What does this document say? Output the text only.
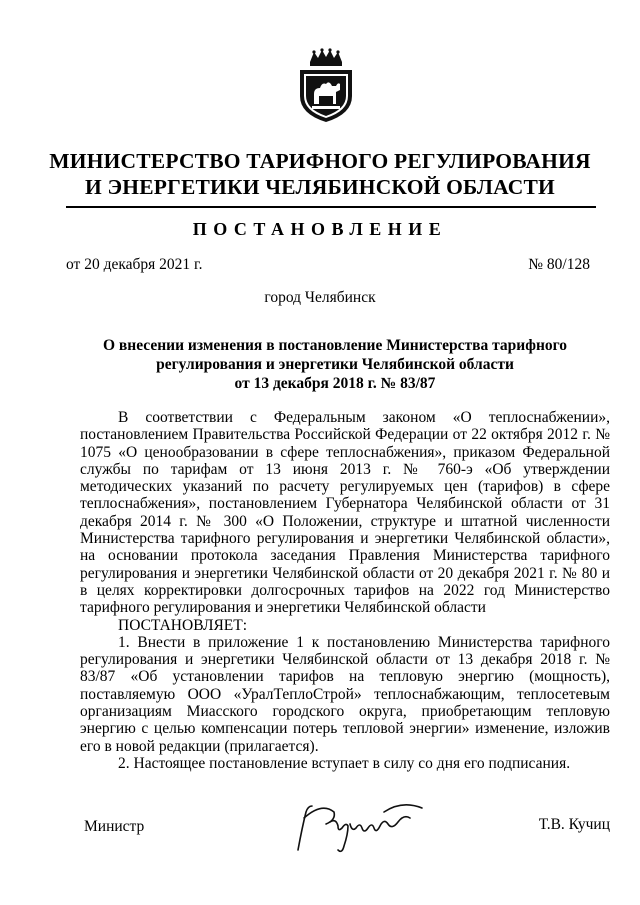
МИНИСТЕРСТВО ТАРИФНОГО РЕГУЛИРОВАНИЯ
И ЭНЕРГЕТИКИ ЧЕЛЯБИНСКОЙ ОБЛАСТИ
ПОСТАНОВЛЕНИЕ
от 20 декабря 2021 г.	№ 80/128
город Челябинск
О внесении изменения в постановление Министерства тарифного
регулирования и энергетики Челябинской области
от 13 декабря 2018 г. № 83/87

В соответствии с Федеральным законом «О теплоснабжении», постановлением Правительства Российской Федерации от 22 октября 2012 г. № 1075 «О ценообразовании в сфере теплоснабжения», приказом Федеральной службы по тарифам от 13 июня 2013 г. № 760-э «Об утверждении методических указаний по расчету регулируемых цен (тарифов) в сфере теплоснабжения», постановлением Губернатора Челябинской области от 31 декабря 2014 г. № 300 «О Положении, структуре и штатной численности Министерства тарифного регулирования и энергетики Челябинской области», на основании протокола заседания Правления Министерства тарифного регулирования и энергетики Челябинской области от 20 декабря 2021 г. № 80 и в целях корректировки долгосрочных тарифов на 2022 год Министерство тарифного регулирования и энергетики Челябинской области

ПОСТАНОВЛЯЕТ:

1. Внести в приложение 1 к постановлению Министерства тарифного регулирования и энергетики Челябинской области от 13 декабря 2018 г. № 83/87 «Об установлении тарифов на тепловую энергию (мощность), поставляемую ООО «УралТеплоСтрой» теплоснабжающим, теплосетевым организациям Миасского городского округа, приобретающим тепловую энергию с целью компенсации потерь тепловой энергии» изменение, изложив его в новой редакции (прилагается).

2. Настоящее постановление вступает в силу со дня его подписания.

Министр	Т.В. Кучиц
